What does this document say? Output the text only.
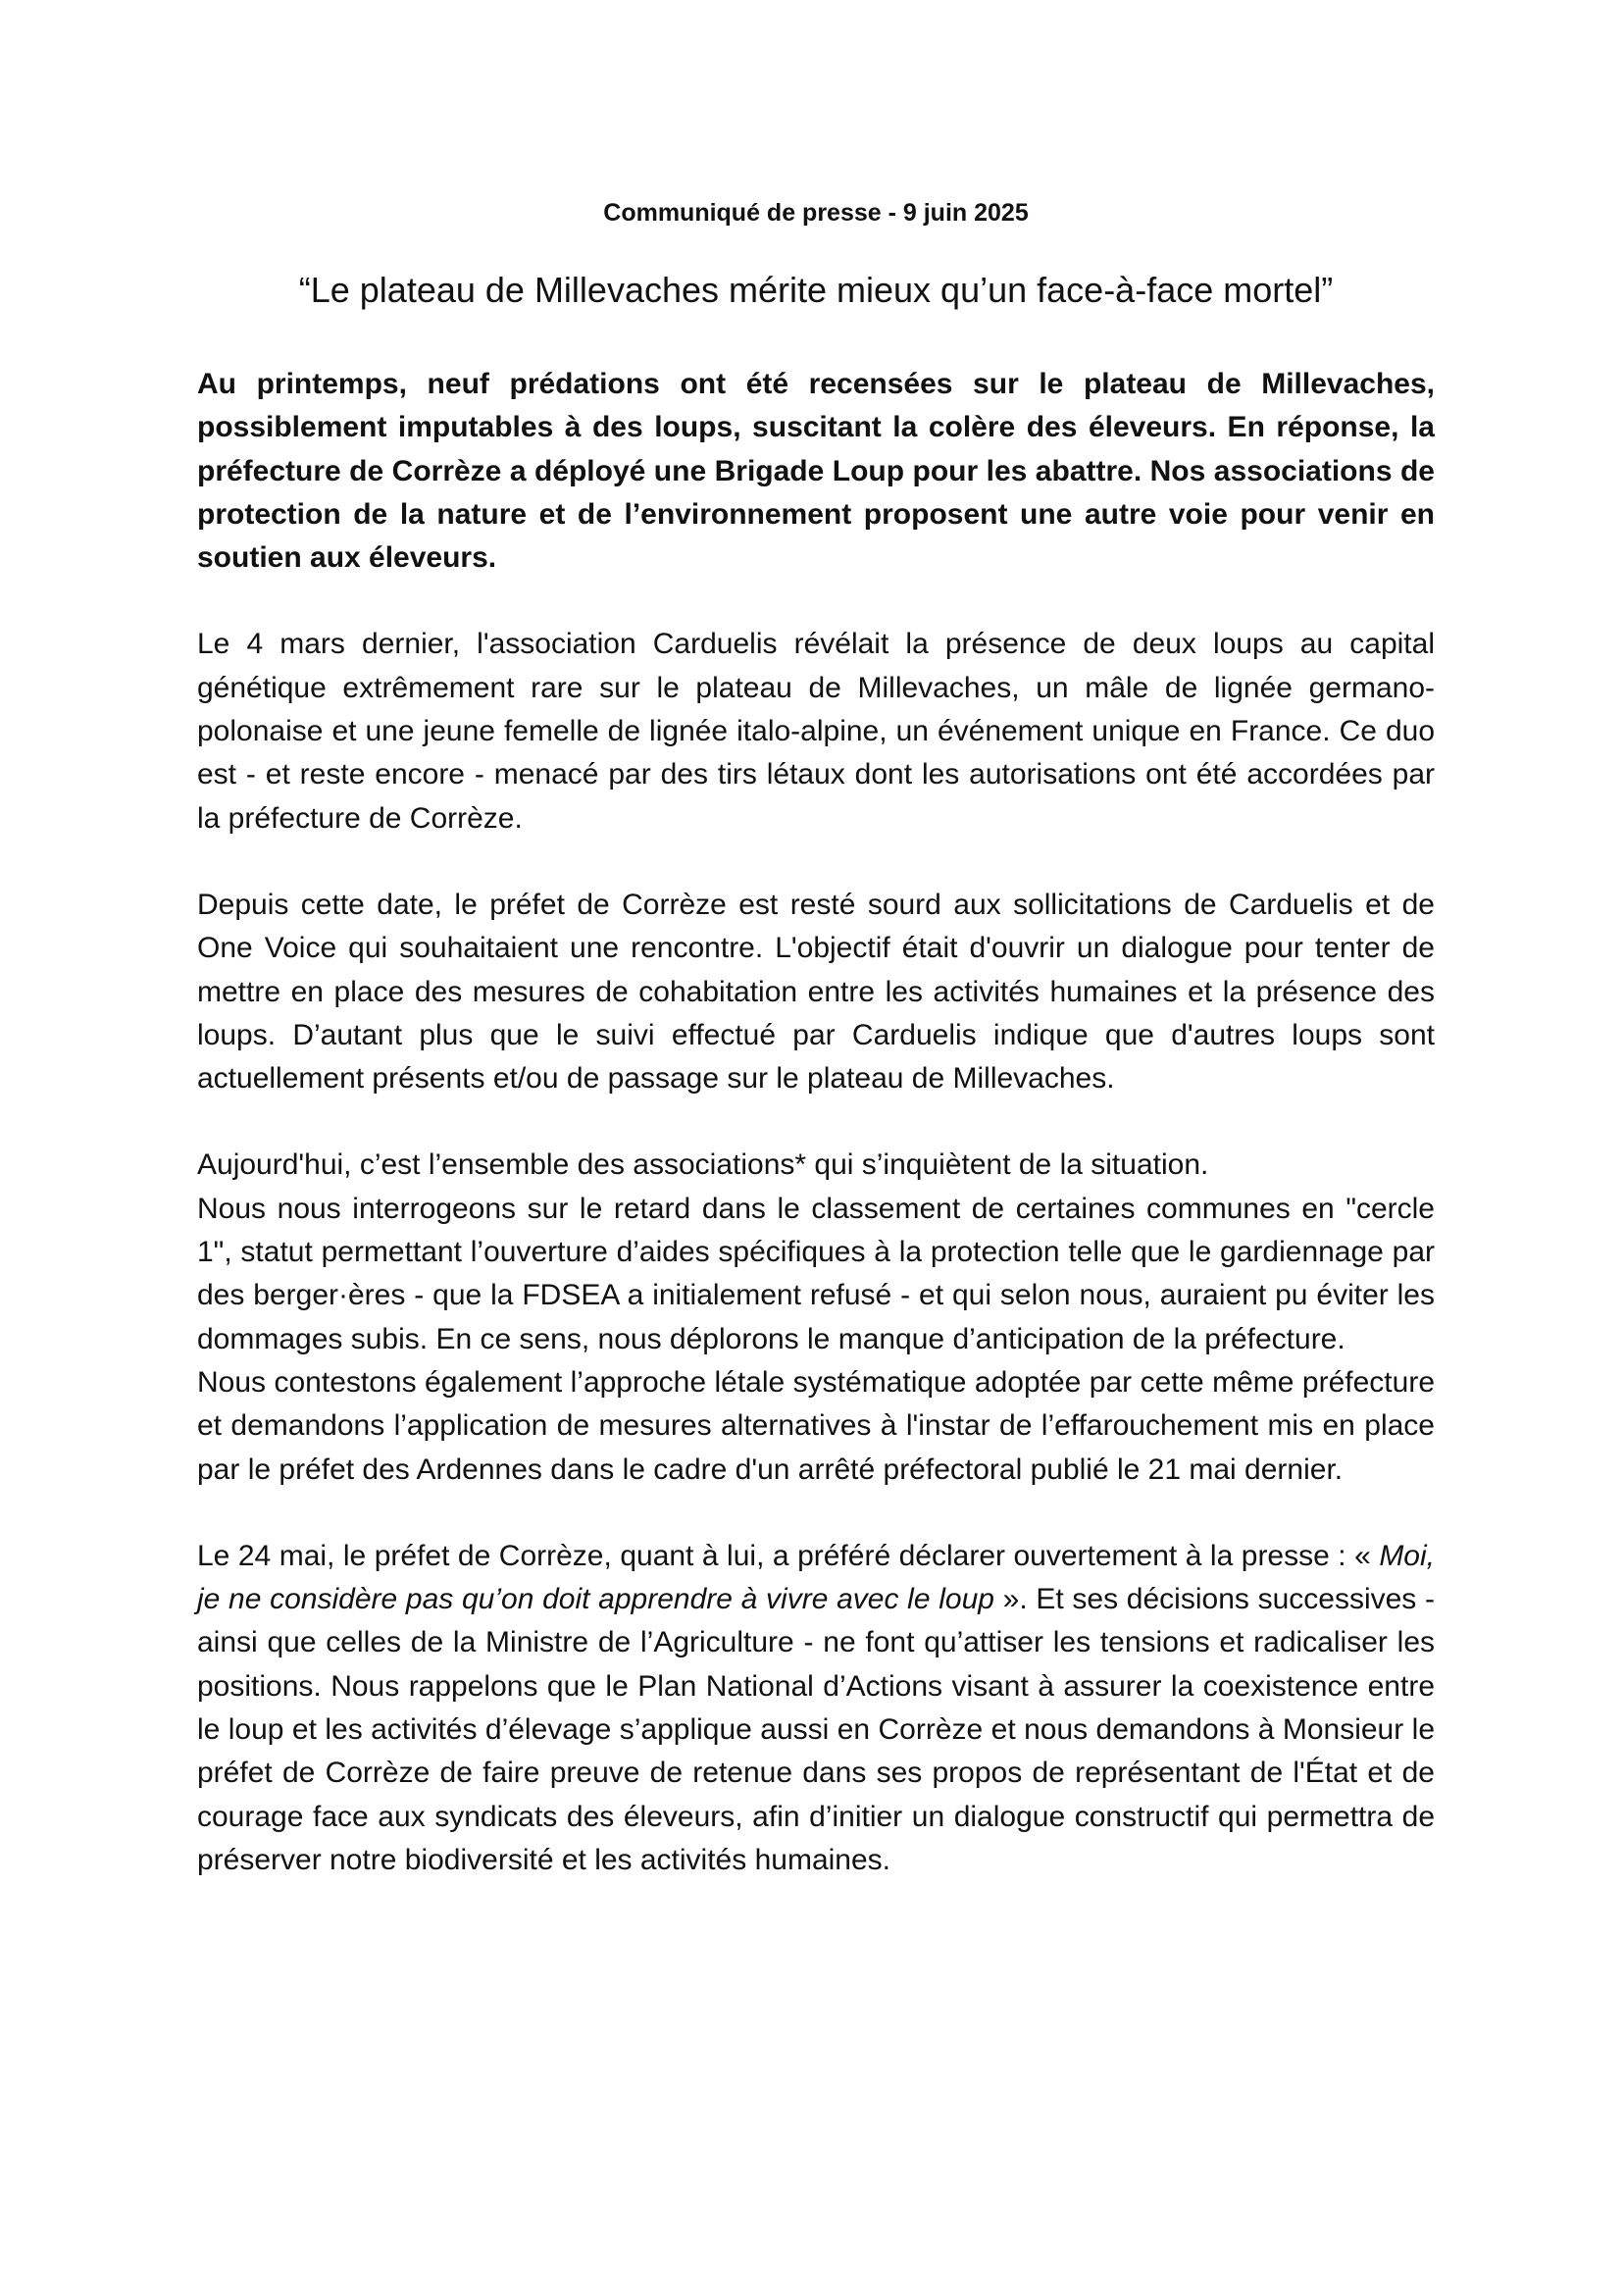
Communiqué de presse - 9 juin 2025
“Le plateau de Millevaches mérite mieux qu’un face-à-face mortel”

Au printemps, neuf prédations ont été recensées sur le plateau de Millevaches, possiblement imputables à des loups, suscitant la colère des éleveurs. En réponse, la préfecture de Corrèze a déployé une Brigade Loup pour les abattre. Nos associations de protection de la nature et de l’environnement proposent une autre voie pour venir en soutien aux éleveurs.

Le 4 mars dernier, l'association Carduelis révélait la présence de deux loups au capital génétique extrêmement rare sur le plateau de Millevaches, un mâle de lignée germano-polonaise et une jeune femelle de lignée italo-alpine, un événement unique en France. Ce duo est - et reste encore - menacé par des tirs létaux dont les autorisations ont été accordées par la préfecture de Corrèze.

Depuis cette date, le préfet de Corrèze est resté sourd aux sollicitations de Carduelis et de One Voice qui souhaitaient une rencontre. L'objectif était d'ouvrir un dialogue pour tenter de mettre en place des mesures de cohabitation entre les activités humaines et la présence des loups. D’autant plus que le suivi effectué par Carduelis indique que d'autres loups sont actuellement présents et/ou de passage sur le plateau de Millevaches.

Aujourd'hui, c’est l’ensemble des associations* qui s’inquiètent de la situation.

Nous nous interrogeons sur le retard dans le classement de certaines communes en "cercle 1", statut permettant l’ouverture d’aides spécifiques à la protection telle que le gardiennage par des berger·ères - que la FDSEA a initialement refusé - et qui selon nous, auraient pu éviter les dommages subis. En ce sens, nous déplorons le manque d’anticipation de la préfecture.

Nous contestons également l’approche létale systématique adoptée par cette même préfecture et demandons l’application de mesures alternatives à l'instar de l’effarouchement mis en place par le préfet des Ardennes dans le cadre d'un arrêté préfectoral publié le 21 mai dernier.

Le 24 mai, le préfet de Corrèze, quant à lui, a préféré déclarer ouvertement à la presse : « Moi, je ne considère pas qu’on doit apprendre à vivre avec le loup ». Et ses décisions successives - ainsi que celles de la Ministre de l’Agriculture - ne font qu’attiser les tensions et radicaliser les positions. Nous rappelons que le Plan National d’Actions visant à assurer la coexistence entre le loup et les activités d’élevage s’applique aussi en Corrèze et nous demandons à Monsieur le préfet de Corrèze de faire preuve de retenue dans ses propos de représentant de l'État et de courage face aux syndicats des éleveurs, afin d’initier un dialogue constructif qui permettra de préserver notre biodiversité et les activités humaines.
